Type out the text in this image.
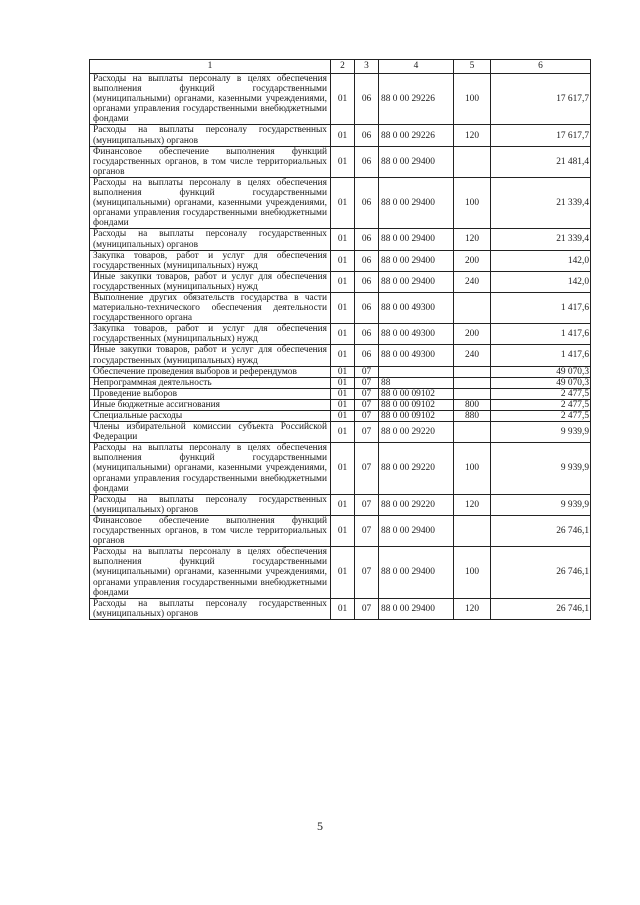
1	2	3	4	5	6
Расходы на выплаты персоналу в целях обеспечения выполнения функций государственными (муниципальными) органами, казенными учреждениями, органами управления государственными внебюджетными фондами	01	06	88 0 00 29226	100	17 617,7
Расходы на выплаты персоналу государственных (муниципальных) органов	01	06	88 0 00 29226	120	17 617,7
Финансовое обеспечение выполнения функций государственных органов, в том числе территориальных органов	01	06	88 0 00 29400		21 481,4
Расходы на выплаты персоналу в целях обеспечения выполнения функций государственными (муниципальными) органами, казенными учреждениями, органами управления государственными внебюджетными фондами	01	06	88 0 00 29400	100	21 339,4
Расходы на выплаты персоналу государственных (муниципальных) органов	01	06	88 0 00 29400	120	21 339,4
Закупка товаров, работ и услуг для обеспечения государственных (муниципальных) нужд	01	06	88 0 00 29400	200	142,0
Иные закупки товаров, работ и услуг для обеспечения государственных (муниципальных) нужд	01	06	88 0 00 29400	240	142,0
Выполнение других обязательств государства в части материально-технического обеспечения деятельности государственного органа	01	06	88 0 00 49300		1 417,6
Закупка товаров, работ и услуг для обеспечения государственных (муниципальных) нужд	01	06	88 0 00 49300	200	1 417,6
Иные закупки товаров, работ и услуг для обеспечения государственных (муниципальных) нужд	01	06	88 0 00 49300	240	1 417,6
Обеспечение проведения выборов и референдумов	01	07			49 070,3
Непрограммная деятельность	01	07	88		49 070,3
Проведение выборов	01	07	88 0 00 09102		2 477,5
Иные бюджетные ассигнования	01	07	88 0 00 09102	800	2 477,5
Специальные расходы	01	07	88 0 00 09102	880	2 477,5
Члены избирательной комиссии субъекта Российской Федерации	01	07	88 0 00 29220		9 939,9
Расходы на выплаты персоналу в целях обеспечения выполнения функций государственными (муниципальными) органами, казенными учреждениями, органами управления государственными внебюджетными фондами	01	07	88 0 00 29220	100	9 939,9
Расходы на выплаты персоналу государственных (муниципальных) органов	01	07	88 0 00 29220	120	9 939,9
Финансовое обеспечение выполнения функций государственных органов, в том числе территориальных органов	01	07	88 0 00 29400		26 746,1
Расходы на выплаты персоналу в целях обеспечения выполнения функций государственными (муниципальными) органами, казенными учреждениями, органами управления государственными внебюджетными фондами	01	07	88 0 00 29400	100	26 746,1
Расходы на выплаты персоналу государственных (муниципальных) органов	01	07	88 0 00 29400	120	26 746,1
5
